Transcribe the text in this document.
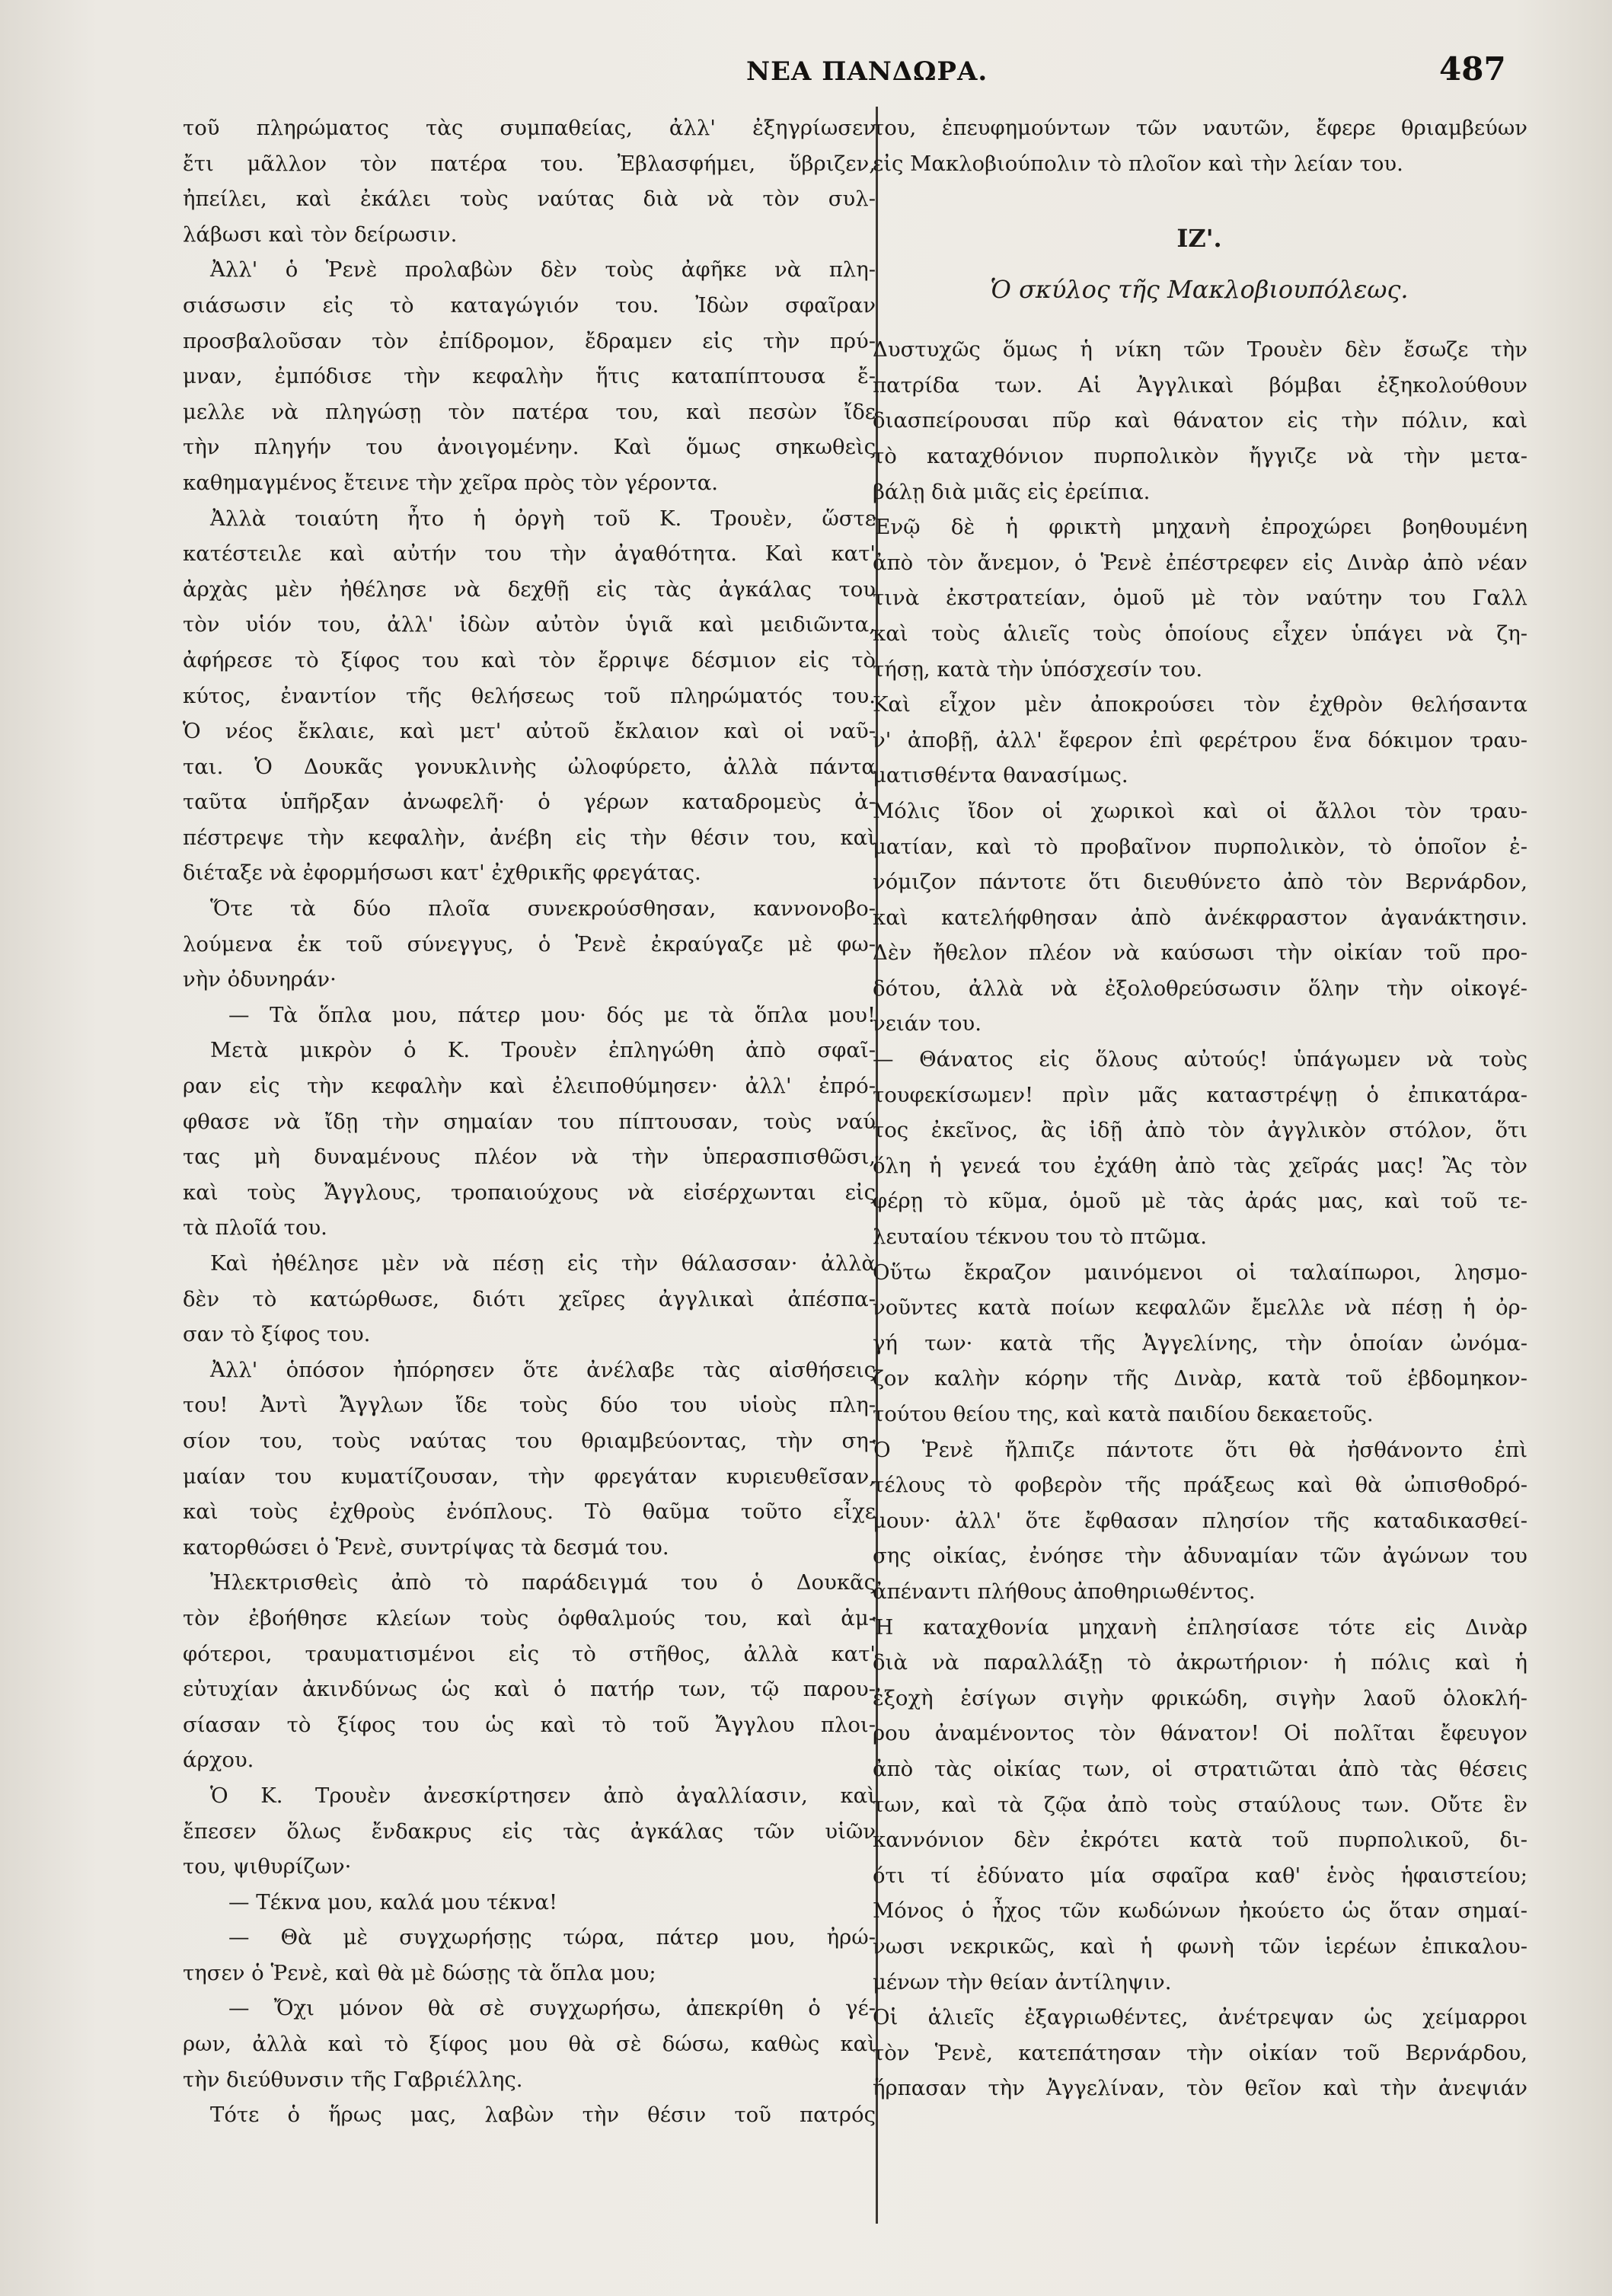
ΝΕΑ ΠΑΝΔΩΡΑ.	487
τοῦ πληρώματος τὰς συμπαθείας, ἀλλ' ἐξηγρίωσεν
ἔτι μᾶλλον τὸν πατέρα του. Ἐβλασφήμει, ὕβριζεν,
ἠπείλει, καὶ ἐκάλει τοὺς ναύτας διὰ νὰ τὸν συλ-
λάβωσι καὶ τὸν δείρωσιν.
Ἀλλ' ὁ Ῥενὲ προλαβὼν δὲν τοὺς ἀφῆκε νὰ πλη-
σιάσωσιν εἰς τὸ καταγώγιόν του. Ἰδὼν σφαῖραν
προσβαλοῦσαν τὸν ἐπίδρομον, ἔδραμεν εἰς τὴν πρύ-
μναν, ἐμπόδισε τὴν κεφαλὴν ἥτις καταπίπτουσα ἔ-
μελλε νὰ πληγώσῃ τὸν πατέρα του, καὶ πεσὼν ἴδε
τὴν πληγήν του ἀνοιγομένην. Καὶ ὅμως σηκωθεὶς
καθημαγμένος ἔτεινε τὴν χεῖρα πρὸς τὸν γέροντα.
Ἀλλὰ τοιαύτη ἦτο ἡ ὀργὴ τοῦ Κ. Τρουὲν, ὥστε
κατέστειλε καὶ αὐτήν του τὴν ἀγαθότητα. Καὶ κατ'
ἀρχὰς μὲν ἠθέλησε νὰ δεχθῇ εἰς τὰς ἀγκάλας του
τὸν υἱόν του, ἀλλ' ἰδὼν αὐτὸν ὑγιᾶ καὶ μειδιῶντα,
ἀφήρεσε τὸ ξίφος του καὶ τὸν ἔρριψε δέσμιον εἰς τὸ
κύτος, ἐναντίον τῆς θελήσεως τοῦ πληρώματός του.
Ὁ νέος ἔκλαιε, καὶ μετ' αὐτοῦ ἔκλαιον καὶ οἱ ναῦ-
ται. Ὁ Δουκᾶς γονυκλινὴς ὠλοφύρετο, ἀλλὰ πάντα
ταῦτα ὑπῆρξαν ἀνωφελῆ· ὁ γέρων καταδρομεὺς ἀ-
πέστρεψε τὴν κεφαλὴν, ἀνέβη εἰς τὴν θέσιν του, καὶ
διέταξε νὰ ἐφορμήσωσι κατ' ἐχθρικῆς φρεγάτας.
Ὅτε τὰ δύο πλοῖα συνεκρούσθησαν, καννονοβο-
λούμενα ἐκ τοῦ σύνεγγυς, ὁ Ῥενὲ ἐκραύγαζε μὲ φω-
νὴν ὀδυνηράν·
— Τὰ ὅπλα μου, πάτερ μου· δός με τὰ ὅπλα μου!
Μετὰ μικρὸν ὁ Κ. Τρουὲν ἐπληγώθη ἀπὸ σφαῖ-
ραν εἰς τὴν κεφαλὴν καὶ ἐλειποθύμησεν· ἀλλ' ἐπρό-
φθασε νὰ ἴδῃ τὴν σημαίαν του πίπτουσαν, τοὺς ναύ
τας μὴ δυναμένους πλέον νὰ τὴν ὑπερασπισθῶσι,
καὶ τοὺς Ἄγγλους, τροπαιούχους νὰ εἰσέρχωνται εἰς
τὰ πλοῖά του.
Καὶ ἠθέλησε μὲν νὰ πέσῃ εἰς τὴν θάλασσαν· ἀλλὰ
δὲν τὸ κατώρθωσε, διότι χεῖρες ἀγγλικαὶ ἀπέσπα-
σαν τὸ ξίφος του.
Ἀλλ' ὁπόσον ἠπόρησεν ὅτε ἀνέλαβε τὰς αἰσθήσεις
του! Ἀντὶ Ἄγγλων ἴδε τοὺς δύο του υἱοὺς πλη-
σίον του, τοὺς ναύτας του θριαμβεύοντας, τὴν ση-
μαίαν του κυματίζουσαν, τὴν φρεγάταν κυριευθεῖσαν,
καὶ τοὺς ἐχθροὺς ἐνόπλους. Τὸ θαῦμα τοῦτο εἶχε
κατορθώσει ὁ Ῥενὲ, συντρίψας τὰ δεσμά του.
Ἠλεκτρισθεὶς ἀπὸ τὸ παράδειγμά του ὁ Δουκᾶς
τὸν ἐβοήθησε κλείων τοὺς ὀφθαλμούς του, καὶ ἀμ-
φότεροι, τραυματισμένοι εἰς τὸ στῆθος, ἀλλὰ κατ'
εὐτυχίαν ἀκινδύνως ὡς καὶ ὁ πατήρ των, τῷ παρου-
σίασαν τὸ ξίφος του ὡς καὶ τὸ τοῦ Ἄγγλου πλοι-
άρχου.
Ὁ Κ. Τρουὲν ἀνεσκίρτησεν ἀπὸ ἀγαλλίασιν, καὶ
ἔπεσεν ὅλως ἔνδακρυς εἰς τὰς ἀγκάλας τῶν υἱῶν
του, ψιθυρίζων·
— Τέκνα μου, καλά μου τέκνα!
— Θὰ μὲ συγχωρήσῃς τώρα, πάτερ μου, ἠρώ-
τησεν ὁ Ῥενὲ, καὶ θὰ μὲ δώσῃς τὰ ὅπλα μου;
— Ὄχι μόνον θὰ σὲ συγχωρήσω, ἀπεκρίθη ὁ γέ-
ρων, ἀλλὰ καὶ τὸ ξίφος μου θὰ σὲ δώσω, καθὼς καὶ
τὴν διεύθυνσιν τῆς Γαβριέλλης.
Τότε ὁ ἥρως μας, λαβὼν τὴν θέσιν τοῦ πατρός
του, ἐπευφημούντων τῶν ναυτῶν, ἔφερε θριαμβεύων
εἰς Μακλοβιούπολιν τὸ πλοῖον καὶ τὴν λείαν του.
ΙΖ'.
Ὁ σκύλος τῆς Μακλοβιουπόλεως.
Δυστυχῶς ὅμως ἡ νίκη τῶν Τρουὲν δὲν ἔσωζε τὴν
πατρίδα των. Αἱ Ἀγγλικαὶ βόμβαι ἐξηκολούθουν
διασπείρουσαι πῦρ καὶ θάνατον εἰς τὴν πόλιν, καὶ
τὸ καταχθόνιον πυρπολικὸν ἤγγιζε νὰ τὴν μετα-
βάλῃ διὰ μιᾶς εἰς ἐρείπια.
Ἐνῷ δὲ ἡ φρικτὴ μηχανὴ ἐπροχώρει βοηθουμένη
ἀπὸ τὸν ἄνεμον, ὁ Ῥενὲ ἐπέστρεφεν εἰς Δινὰρ ἀπὸ νέαν
τινὰ ἐκστρατείαν, ὁμοῦ μὲ τὸν ναύτην του Γαλλ
καὶ τοὺς ἁλιεῖς τοὺς ὁποίους εἶχεν ὑπάγει νὰ ζη-
τήσῃ, κατὰ τὴν ὑπόσχεσίν του.
Καὶ εἶχον μὲν ἀποκρούσει τὸν ἐχθρὸν θελήσαντα
ν' ἀποβῇ, ἀλλ' ἔφερον ἐπὶ φερέτρου ἕνα δόκιμον τραυ-
ματισθέντα θανασίμως.
Μόλις ἴδον οἱ χωρικοὶ καὶ οἱ ἄλλοι τὸν τραυ-
ματίαν, καὶ τὸ προβαῖνον πυρπολικὸν, τὸ ὁποῖον ἐ-
νόμιζον πάντοτε ὅτι διευθύνετο ἀπὸ τὸν Βερνάρδον,
καὶ κατελήφθησαν ἀπὸ ἀνέκφραστον ἀγανάκτησιν.
Δὲν ἤθελον πλέον νὰ καύσωσι τὴν οἰκίαν τοῦ προ-
δότου, ἀλλὰ νὰ ἐξολοθρεύσωσιν ὅλην τὴν οἰκογέ-
νειάν του.
— Θάνατος εἰς ὅλους αὐτούς! ὑπάγωμεν νὰ τοὺς
τουφεκίσωμεν! πρὶν μᾶς καταστρέψῃ ὁ ἐπικατάρα-
τος ἐκεῖνος, ἂς ἰδῇ ἀπὸ τὸν ἀγγλικὸν στόλον, ὅτι
ὅλη ἡ γενεά του ἐχάθη ἀπὸ τὰς χεῖράς μας! Ἂς τὸν
φέρῃ τὸ κῦμα, ὁμοῦ μὲ τὰς ἀράς μας, καὶ τοῦ τε-
λευταίου τέκνου του τὸ πτῶμα.
Οὕτω ἔκραζον μαινόμενοι οἱ ταλαίπωροι, λησμο-
νοῦντες κατὰ ποίων κεφαλῶν ἔμελλε νὰ πέσῃ ἡ ὀρ-
γή των· κατὰ τῆς Ἀγγελίνης, τὴν ὁποίαν ὠνόμα-
ζον καλὴν κόρην τῆς Δινὰρ, κατὰ τοῦ ἑβδομηκον-
τούτου θείου της, καὶ κατὰ παιδίου δεκαετοῦς.
Ὁ Ῥενὲ ἤλπιζε πάντοτε ὅτι θὰ ἠσθάνοντο ἐπὶ
τέλους τὸ φοβερὸν τῆς πράξεως καὶ θὰ ὠπισθοδρό-
μουν· ἀλλ' ὅτε ἔφθασαν πλησίον τῆς καταδικασθεί-
σης οἰκίας, ἐνόησε τὴν ἀδυναμίαν τῶν ἀγώνων του
ἀπέναντι πλήθους ἀποθηριωθέντος.
Ἡ καταχθονία μηχανὴ ἐπλησίασε τότε εἰς Δινὰρ
διὰ νὰ παραλλάξῃ τὸ ἀκρωτήριον· ἡ πόλις καὶ ἡ
ἐξοχὴ ἐσίγων σιγὴν φρικώδη, σιγὴν λαοῦ ὁλοκλή-
ρου ἀναμένοντος τὸν θάνατον! Οἱ πολῖται ἔφευγον
ἀπὸ τὰς οἰκίας των, οἱ στρατιῶται ἀπὸ τὰς θέσεις
των, καὶ τὰ ζῷα ἀπὸ τοὺς σταύλους των. Οὔτε ἓν
καννόνιον δὲν ἐκρότει κατὰ τοῦ πυρπολικοῦ, δι-
ότι τί ἐδύνατο μία σφαῖρα καθ' ἑνὸς ἡφαιστείου;
Μόνος ὁ ἦχος τῶν κωδώνων ἠκούετο ὡς ὅταν σημαί-
νωσι νεκρικῶς, καὶ ἡ φωνὴ τῶν ἱερέων ἐπικαλου-
μένων τὴν θείαν ἀντίληψιν.
Οἱ ἁλιεῖς ἐξαγριωθέντες, ἀνέτρεψαν ὡς χείμαρροι
τὸν Ῥενὲ, κατεπάτησαν τὴν οἰκίαν τοῦ Βερνάρδου,
ἥρπασαν τὴν Ἀγγελίναν, τὸν θεῖον καὶ τὴν ἀνεψιάν
